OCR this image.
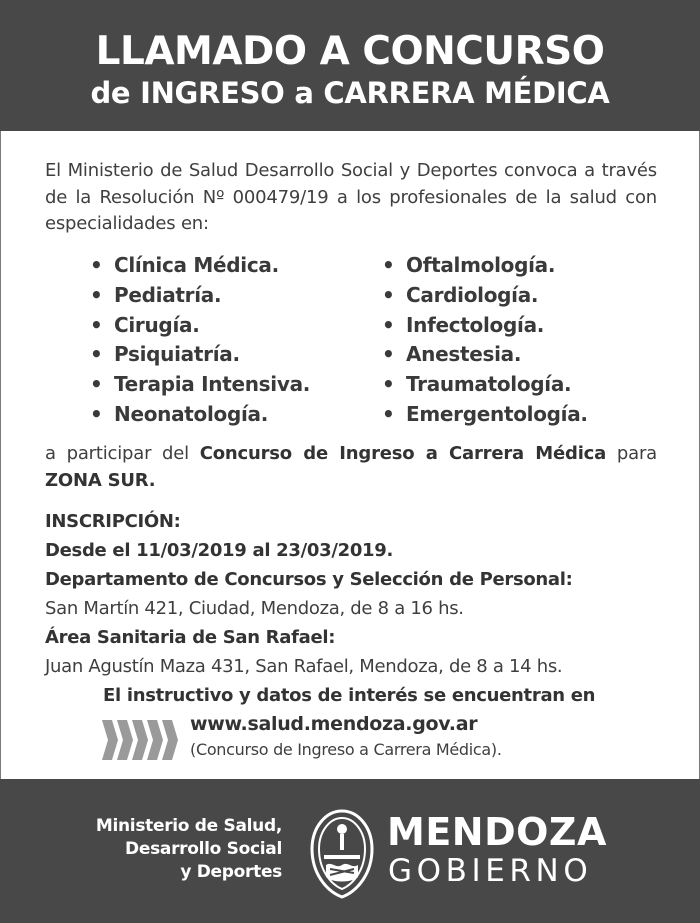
LLAMADO A CONCURSO
de INGRESO a CARRERA MÉDICA

El Ministerio de Salud Desarrollo Social y Deportes convoca a través de la Resolución Nº 000479/19 a los profesionales de la salud con especialidades en:

• Clínica Médica.
• Pediatría.
• Cirugía.
• Psiquiatría.
• Terapia Intensiva.
• Neonatología.
• Oftalmología.
• Cardiología.
• Infectología.
• Anestesia.
• Traumatología.
• Emergentología.
a participar del Concurso de Ingreso a Carrera Médica para
ZONA SUR.
INSCRIPCIÓN:
Desde el 11/03/2019 al 23/03/2019.
Departamento de Concursos y Selección de Personal:
San Martín 421, Ciudad, Mendoza, de 8 a 16 hs.
Área Sanitaria de San Rafael:
Juan Agustín Maza 431, San Rafael, Mendoza, de 8 a 14 hs.
El instructivo y datos de interés se encuentran en
www.salud.mendoza.gov.ar
(Concurso de Ingreso a Carrera Médica).
Ministerio de Salud,
Desarrollo Social
y Deportes
MENDOZA
GOBIERNO
